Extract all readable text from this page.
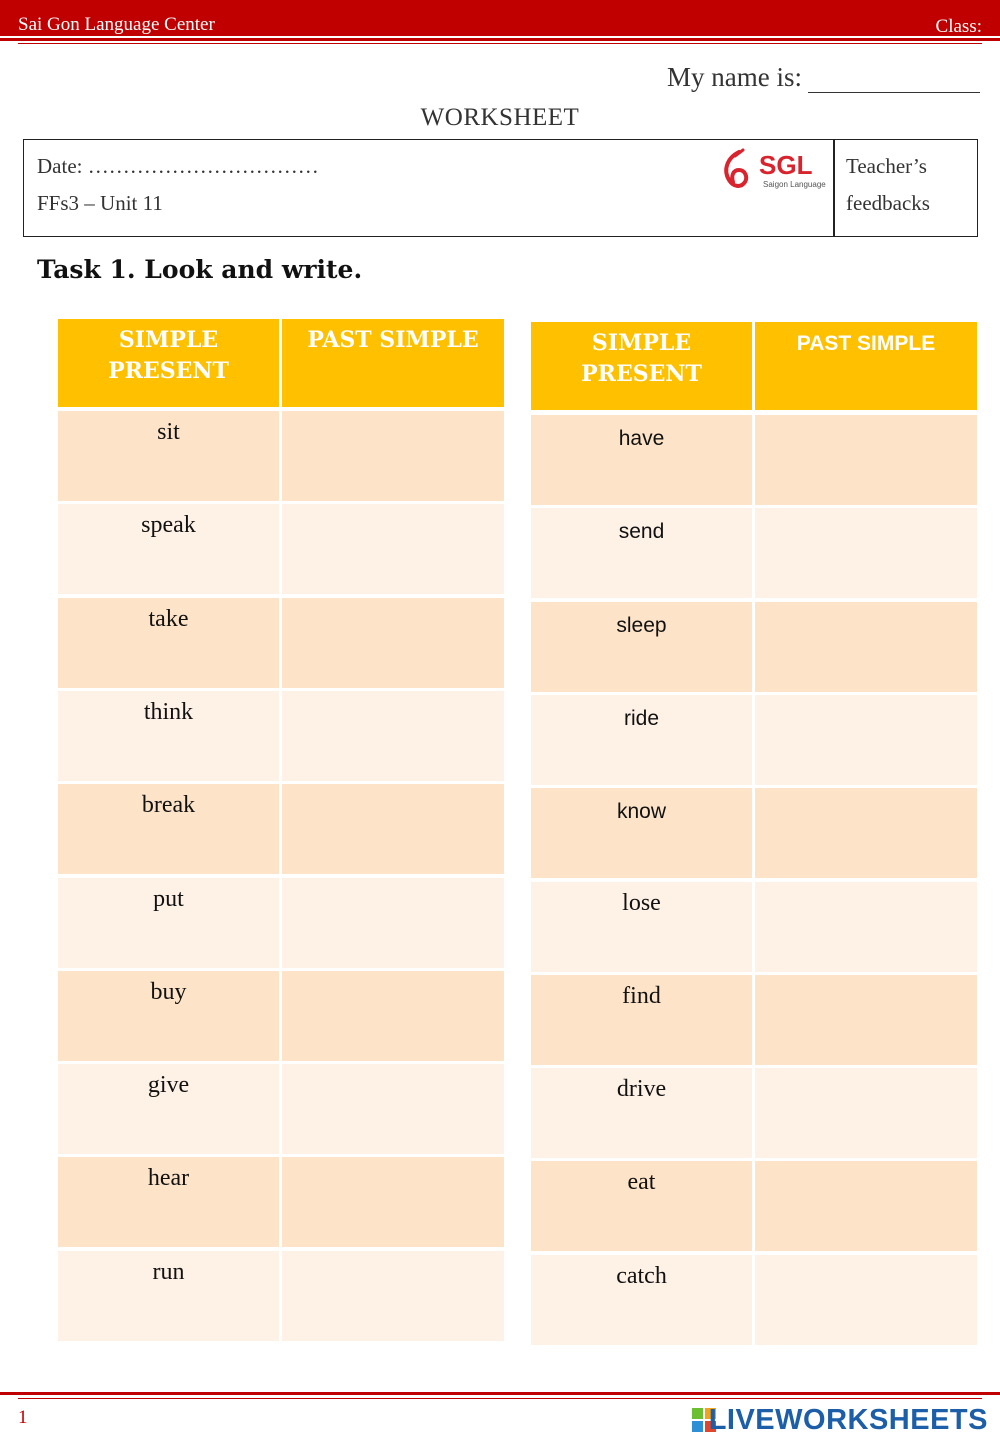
Sai Gon Language Center	Class:
My name is:
WORKSHEET
Date: ……………………………
FFs3 – Unit 11
SGL
Saigon Language
Teacher’s
feedbacks
Task 1. Look and write.
SIMPLE
PRESENT
PAST SIMPLE
sit
speak
take
think
break
put
buy
give
hear
run
SIMPLE
PRESENT
PAST SIMPLE
have
send
sleep
ride
know
lose
find
drive
eat
catch
1	LIVEWORKSHEETS
